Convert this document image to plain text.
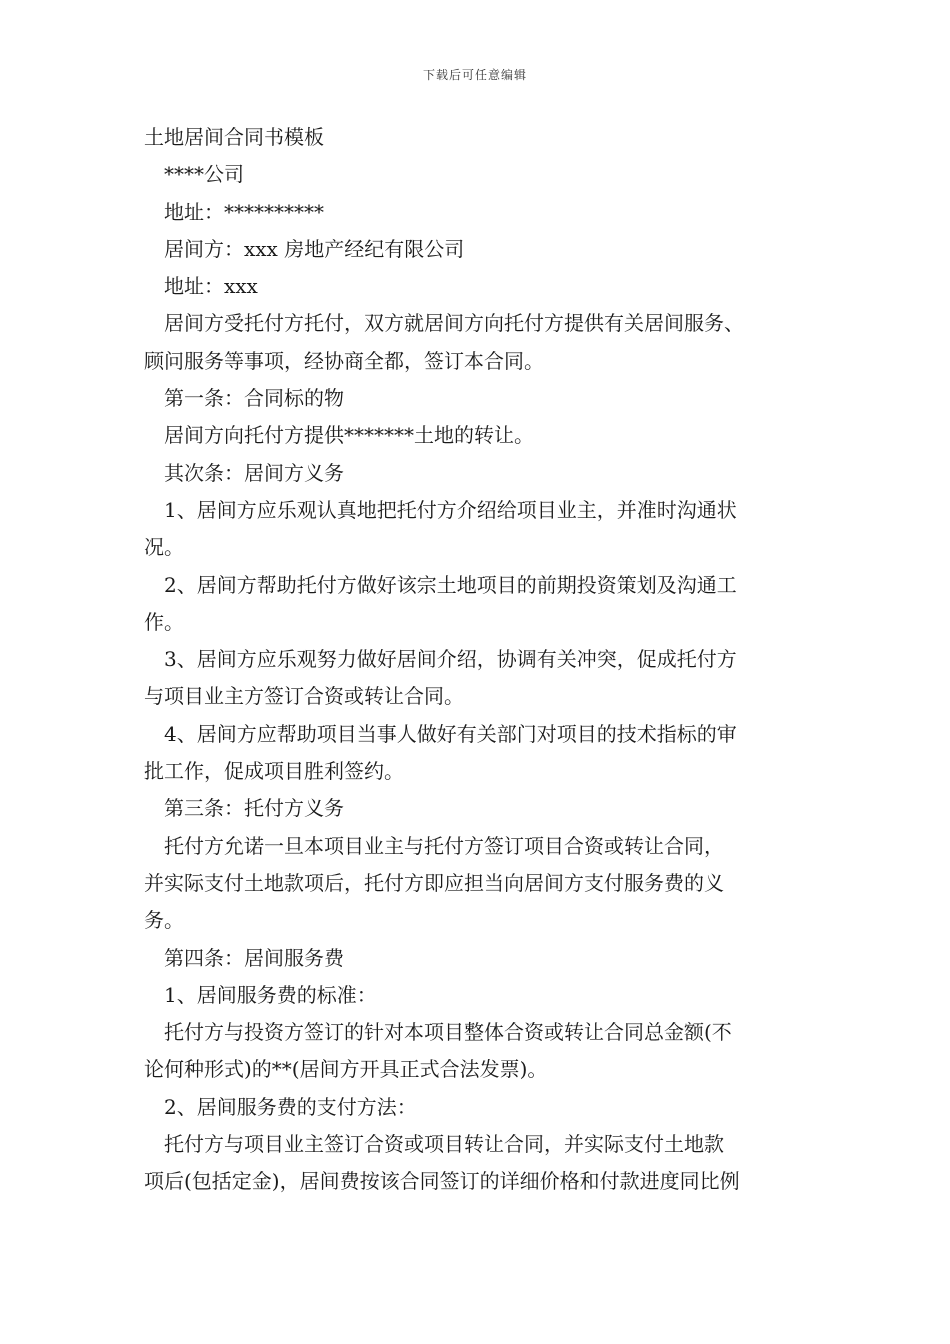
下载后可任意编辑

土地居间合同书模板

****公司

地址：**********

居间方：xxx 房地产经纪有限公司

地址：xxx

居间方受托付方托付，双方就居间方向托付方提供有关居间服务、

顾问服务等事项，经协商全都，签订本合同。

第一条：合同标的物

居间方向托付方提供*******土地的转让。

其次条：居间方义务

1、居间方应乐观认真地把托付方介绍给项目业主，并准时沟通状

况。

2、居间方帮助托付方做好该宗土地项目的前期投资策划及沟通工

作。

3、居间方应乐观努力做好居间介绍，协调有关冲突，促成托付方

与项目业主方签订合资或转让合同。

4、居间方应帮助项目当事人做好有关部门对项目的技术指标的审

批工作，促成项目胜利签约。

第三条：托付方义务

托付方允诺一旦本项目业主与托付方签订项目合资或转让合同，

并实际支付土地款项后，托付方即应担当向居间方支付服务费的义

务。

第四条：居间服务费

1、居间服务费的标准：

托付方与投资方签订的针对本项目整体合资或转让合同总金额(不

论何种形式)的**(居间方开具正式合法发票)。

2、居间服务费的支付方法：

托付方与项目业主签订合资或项目转让合同，并实际支付土地款

项后(包括定金)，居间费按该合同签订的详细价格和付款进度同比例
